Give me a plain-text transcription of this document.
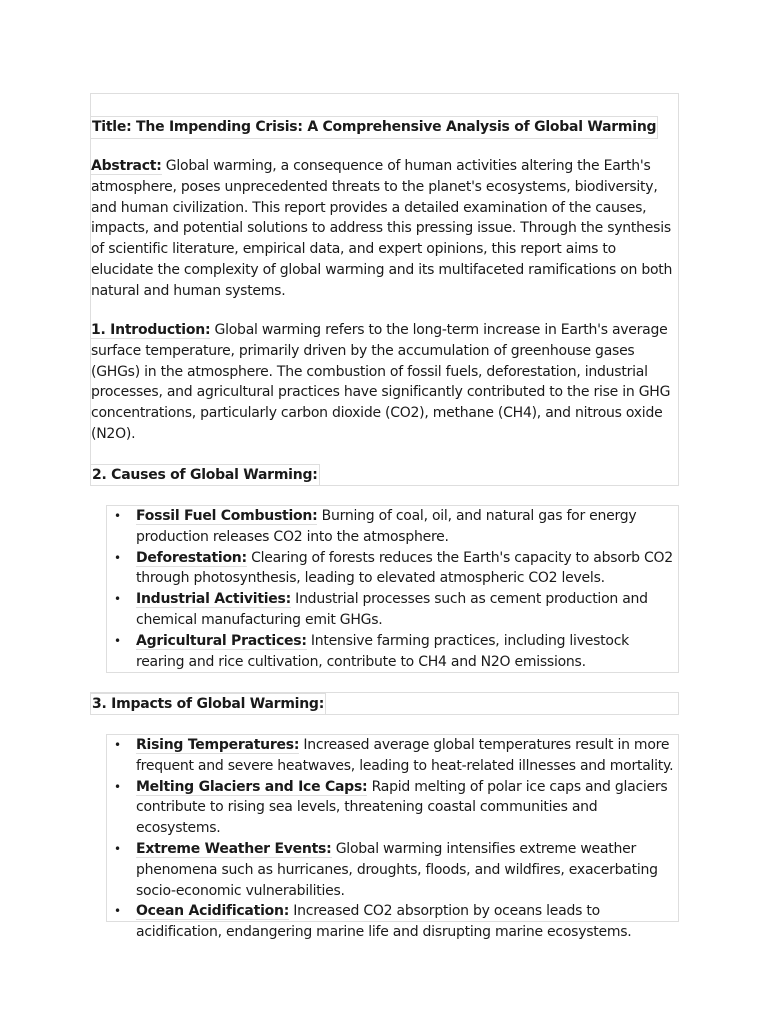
Title: The Impending Crisis: A Comprehensive Analysis of Global Warming

Abstract: Global warming, a consequence of human activities altering the Earth's atmosphere, poses unprecedented threats to the planet's ecosystems, biodiversity, and human civilization. This report provides a detailed examination of the causes, impacts, and potential solutions to address this pressing issue. Through the synthesis of scientific literature, empirical data, and expert opinions, this report aims to elucidate the complexity of global warming and its multifaceted ramifications on both natural and human systems.

1. Introduction: Global warming refers to the long-term increase in Earth's average surface temperature, primarily driven by the accumulation of greenhouse gases (GHGs) in the atmosphere. The combustion of fossil fuels, deforestation, industrial processes, and agricultural practices have significantly contributed to the rise in GHG concentrations, particularly carbon dioxide (CO2), methane (CH4), and nitrous oxide (N2O).

2. Causes of Global Warming:

• Fossil Fuel Combustion: Burning of coal, oil, and natural gas for energy production releases CO2 into the atmosphere.
• Deforestation: Clearing of forests reduces the Earth's capacity to absorb CO2 through photosynthesis, leading to elevated atmospheric CO2 levels.
• Industrial Activities: Industrial processes such as cement production and chemical manufacturing emit GHGs.
• Agricultural Practices: Intensive farming practices, including livestock rearing and rice cultivation, contribute to CH4 and N2O emissions.

3. Impacts of Global Warming:

• Rising Temperatures: Increased average global temperatures result in more frequent and severe heatwaves, leading to heat-related illnesses and mortality.
• Melting Glaciers and Ice Caps: Rapid melting of polar ice caps and glaciers contribute to rising sea levels, threatening coastal communities and ecosystems.
• Extreme Weather Events: Global warming intensifies extreme weather phenomena such as hurricanes, droughts, floods, and wildfires, exacerbating socio-economic vulnerabilities.
• Ocean Acidification: Increased CO2 absorption by oceans leads to acidification, endangering marine life and disrupting marine ecosystems.
